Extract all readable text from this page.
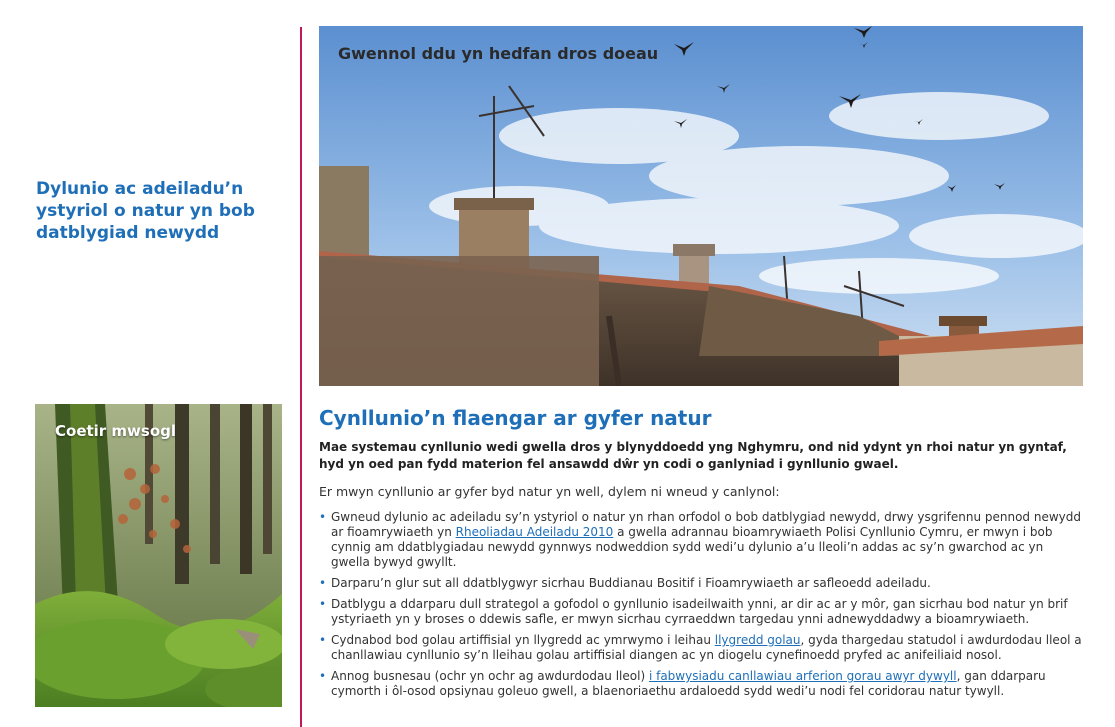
Dylunio ac adeiladu’n ystyriol o natur yn bob datblygiad newydd
Coetir mwsogl
Gwennol ddu yn hedfan dros doeau
Cynllunio’n flaengar ar gyfer natur

Mae systemau cynllunio wedi gwella dros y blynyddoedd yng Nghymru, ond nid ydynt yn rhoi natur yn gyntaf, hyd yn oed pan fydd materion fel ansawdd dŵr yn codi o ganlyniad i gynllunio gwael.

Er mwyn cynllunio ar gyfer byd natur yn well, dylem ni wneud y canlynol:

• Gwneud dylunio ac adeiladu sy’n ystyriol o natur yn rhan orfodol o bob datblygiad newydd, drwy ysgrifennu pennod newydd ar fioamrywiaeth yn Rheoliadau Adeiladu 2010 a gwella adrannau bioamrywiaeth Polisi Cynllunio Cymru, er mwyn i bob cynnig am ddatblygiadau newydd gynnwys nodweddion sydd wedi’u dylunio a’u lleoli’n addas ac sy’n gwarchod ac yn gwella bywyd gwyllt.
• Darparu’n glur sut all ddatblygwyr sicrhau Buddianau Bositif i Fioamrywiaeth ar safleoedd adeiladu.
• Datblygu a ddarparu dull strategol a gofodol o gynllunio isadeilwaith ynni, ar dir ac ar y môr, gan sicrhau bod natur yn brif ystyriaeth yn y broses o ddewis safle, er mwyn sicrhau cyrraeddwn targedau ynni adnewyddadwy a bioamrywiaeth.
• Cydnabod bod golau artiffisial yn llygredd ac ymrwymo i leihau llygredd golau, gyda thargedau statudol i awdurdodau lleol a chanllawiau cynllunio sy’n lleihau golau artiffisial diangen ac yn diogelu cynefinoedd pryfed ac anifeiliaid nosol.
• Annog busnesau (ochr yn ochr ag awdurdodau lleol) i fabwysiadu canllawiau arferion gorau awyr dywyll, gan ddarparu cymorth i ôl-osod opsiynau goleuo gwell, a blaenoriaethu ardaloedd sydd wedi’u nodi fel coridorau natur tywyll.
